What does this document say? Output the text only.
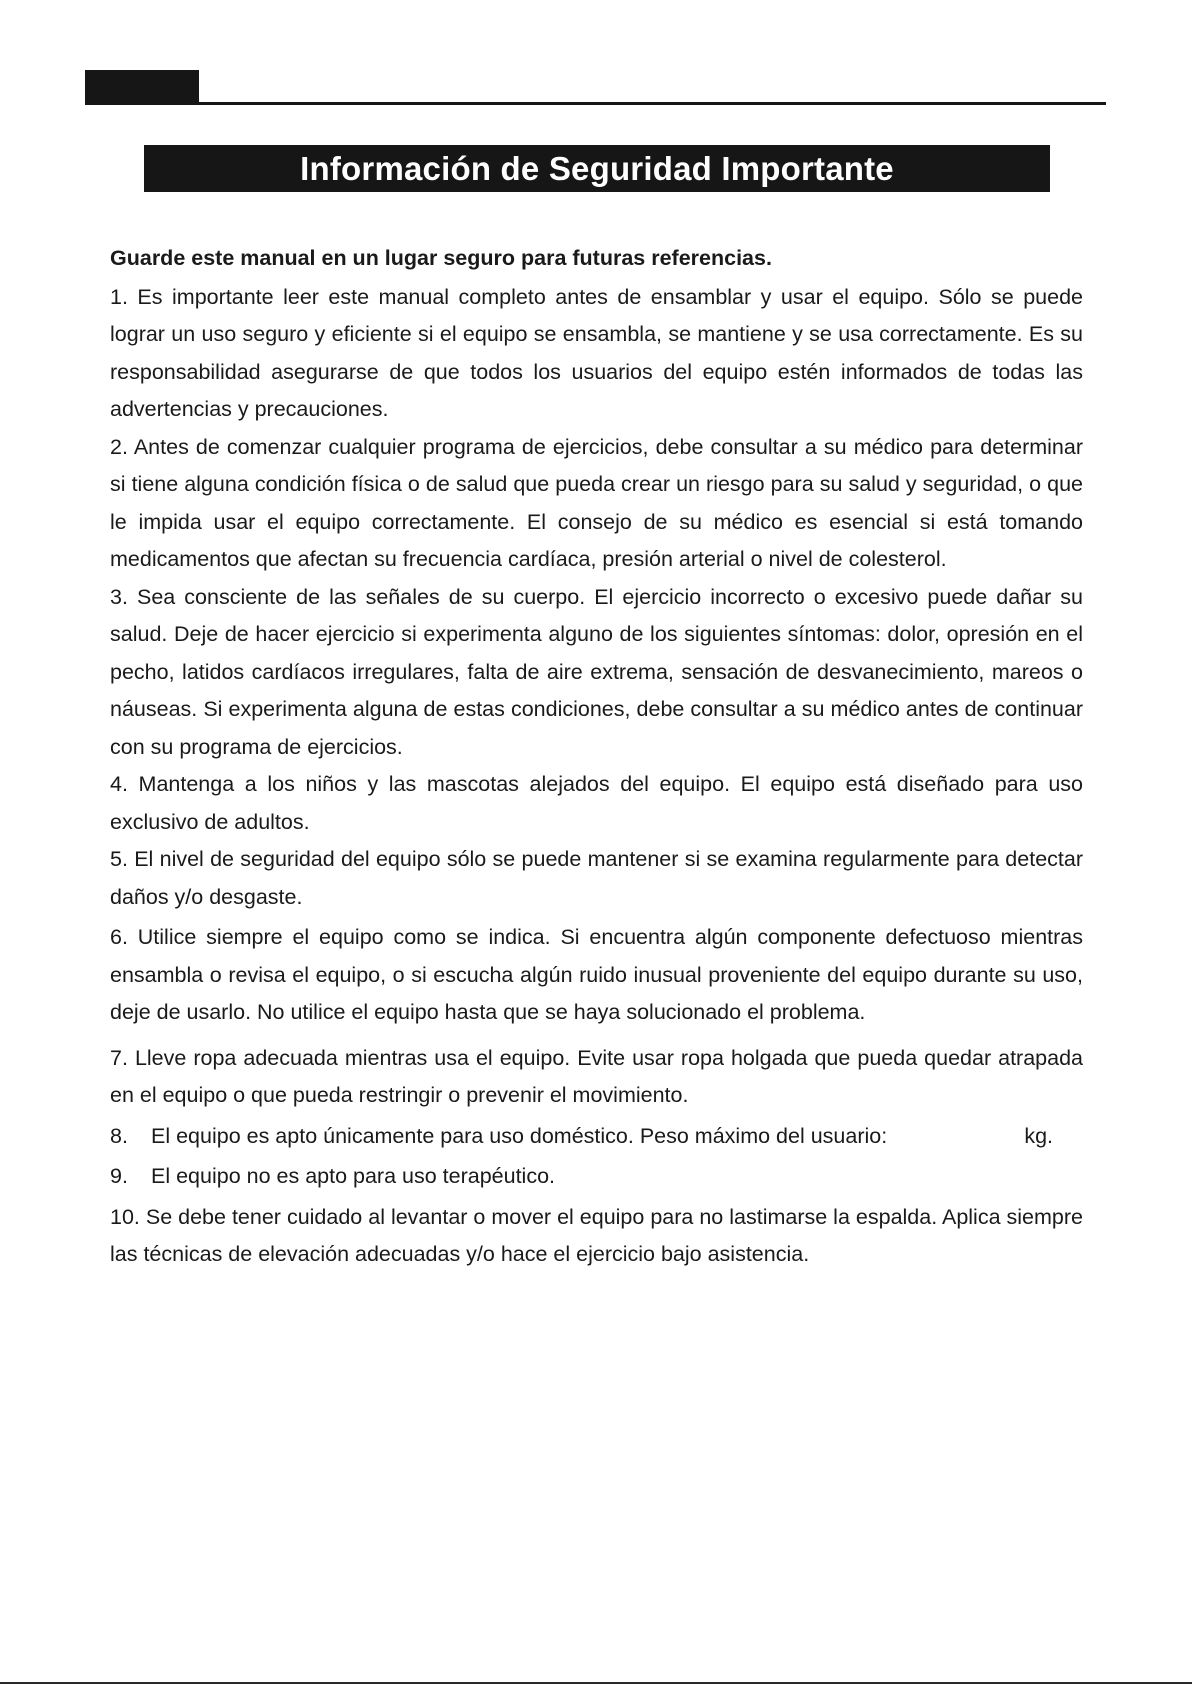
Información de Seguridad Importante

Guarde este manual en un lugar seguro para futuras referencias.

1. Es importante leer este manual completo antes de ensamblar y usar el equipo. Sólo se puede lograr un uso seguro y eficiente si el equipo se ensambla, se mantiene y se usa correctamente. Es su responsabilidad asegurarse de que todos los usuarios del equipo estén informados de todas las advertencias y precauciones.

2. Antes de comenzar cualquier programa de ejercicios, debe consultar a su médico para determinar si tiene alguna condición física o de salud que pueda crear un riesgo para su salud y seguridad, o que le impida usar el equipo correctamente. El consejo de su médico es esencial si está tomando medicamentos que afectan su frecuencia cardíaca, presión arterial o nivel de colesterol.

3. Sea consciente de las señales de su cuerpo. El ejercicio incorrecto o excesivo puede dañar su salud. Deje de hacer ejercicio si experimenta alguno de los siguientes síntomas: dolor, opresión en el pecho, latidos cardíacos irregulares, falta de aire extrema, sensación de desvanecimiento, mareos o náuseas. Si experimenta alguna de estas condiciones, debe consultar a su médico antes de continuar con su programa de ejercicios.

4. Mantenga a los niños y las mascotas alejados del equipo. El equipo está diseñado para uso exclusivo de adultos.

5. El nivel de seguridad del equipo sólo se puede mantener si se examina regularmente para detectar daños y/o desgaste.

6. Utilice siempre el equipo como se indica. Si encuentra algún componente defectuoso mientras ensambla o revisa el equipo, o si escucha algún ruido inusual proveniente del equipo durante su uso, deje de usarlo. No utilice el equipo hasta que se haya solucionado el problema.

7. Lleve ropa adecuada mientras usa el equipo. Evite usar ropa holgada que pueda quedar atrapada en el equipo o que pueda restringir o prevenir el movimiento.

8. El equipo es apto únicamente para uso doméstico. Peso máximo del usuario:	kg.

9. El equipo no es apto para uso terapéutico.

10. Se debe tener cuidado al levantar o mover el equipo para no lastimarse la espalda. Aplica siempre las técnicas de elevación adecuadas y/o hace el ejercicio bajo asistencia.
